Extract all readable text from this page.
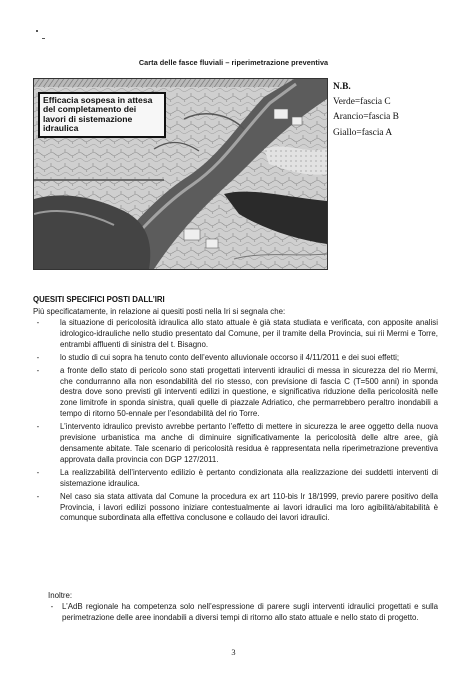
Carta delle fasce fluviali – riperimetrazione preventiva
Efficacia sospesa in attesa del completamento dei lavori di sistemazione idraulica
N.B.
Verde=fascia C
Arancio=fascia B
Giallo=fascia A
QUESITI SPECIFICI POSTI DALL’IRI
Più specificatamente, in relazione ai quesiti posti nella Iri si segnala che:
-	la situazione di pericolosità idraulica allo stato attuale è già stata studiata e verificata, con apposite analisi idrologico-idrauliche nello studio presentato dal Comune, per il tramite della Provincia, sui rii Mermi e Torre, entrambi affluenti di sinistra del t. Bisagno.
-	lo studio di cui sopra ha tenuto conto dell’evento alluvionale occorso il 4/11/2011 e dei suoi effetti;
-	a fronte dello stato di pericolo sono stati progettati interventi idraulici di messa in sicurezza del rio Mermi, che condurranno alla non esondabilità del rio stesso, con previsione di fascia C (T=500 anni) in sponda destra dove sono previsti gli interventi edilizi in questione, e significativa riduzione della pericolosità nelle zone limitrofe in sponda sinistra, quali quelle di piazzale Adriatico, che permarrebbero peraltro inondabili a tempo di ritorno 50-ennale per l’esondabilità del rio Torre.
-	L’intervento idraulico previsto avrebbe pertanto l’effetto di mettere in sicurezza le aree oggetto della nuova previsione urbanistica ma anche di diminuire significativamente la pericolosità delle altre aree, già densamente abitate. Tale scenario di pericolosità residua è rappresentata nella riperimetrazione preventiva approvata dalla provincia con DGP 127/2011.
-	La realizzabilità dell’intervento edilizio è pertanto condizionata alla realizzazione dei suddetti interventi di sistemazione idraulica.
-	Nel caso sia stata attivata dal Comune la procedura ex art 110-bis lr 18/1999, previo parere positivo della Provincia, i lavori edilizi possono iniziare contestualmente ai lavori idraulici ma loro agibilità/abitabilità è comunque subordinata alla effettiva conclusone e collaudo dei lavori idraulici.
Inoltre:
-	L’AdB regionale ha competenza solo nell’espressione di parere sugli interventi idraulici progettati e sulla perimetrazione delle aree inondabili a diversi tempi di ritorno allo stato attuale e nello stato di progetto.
3
